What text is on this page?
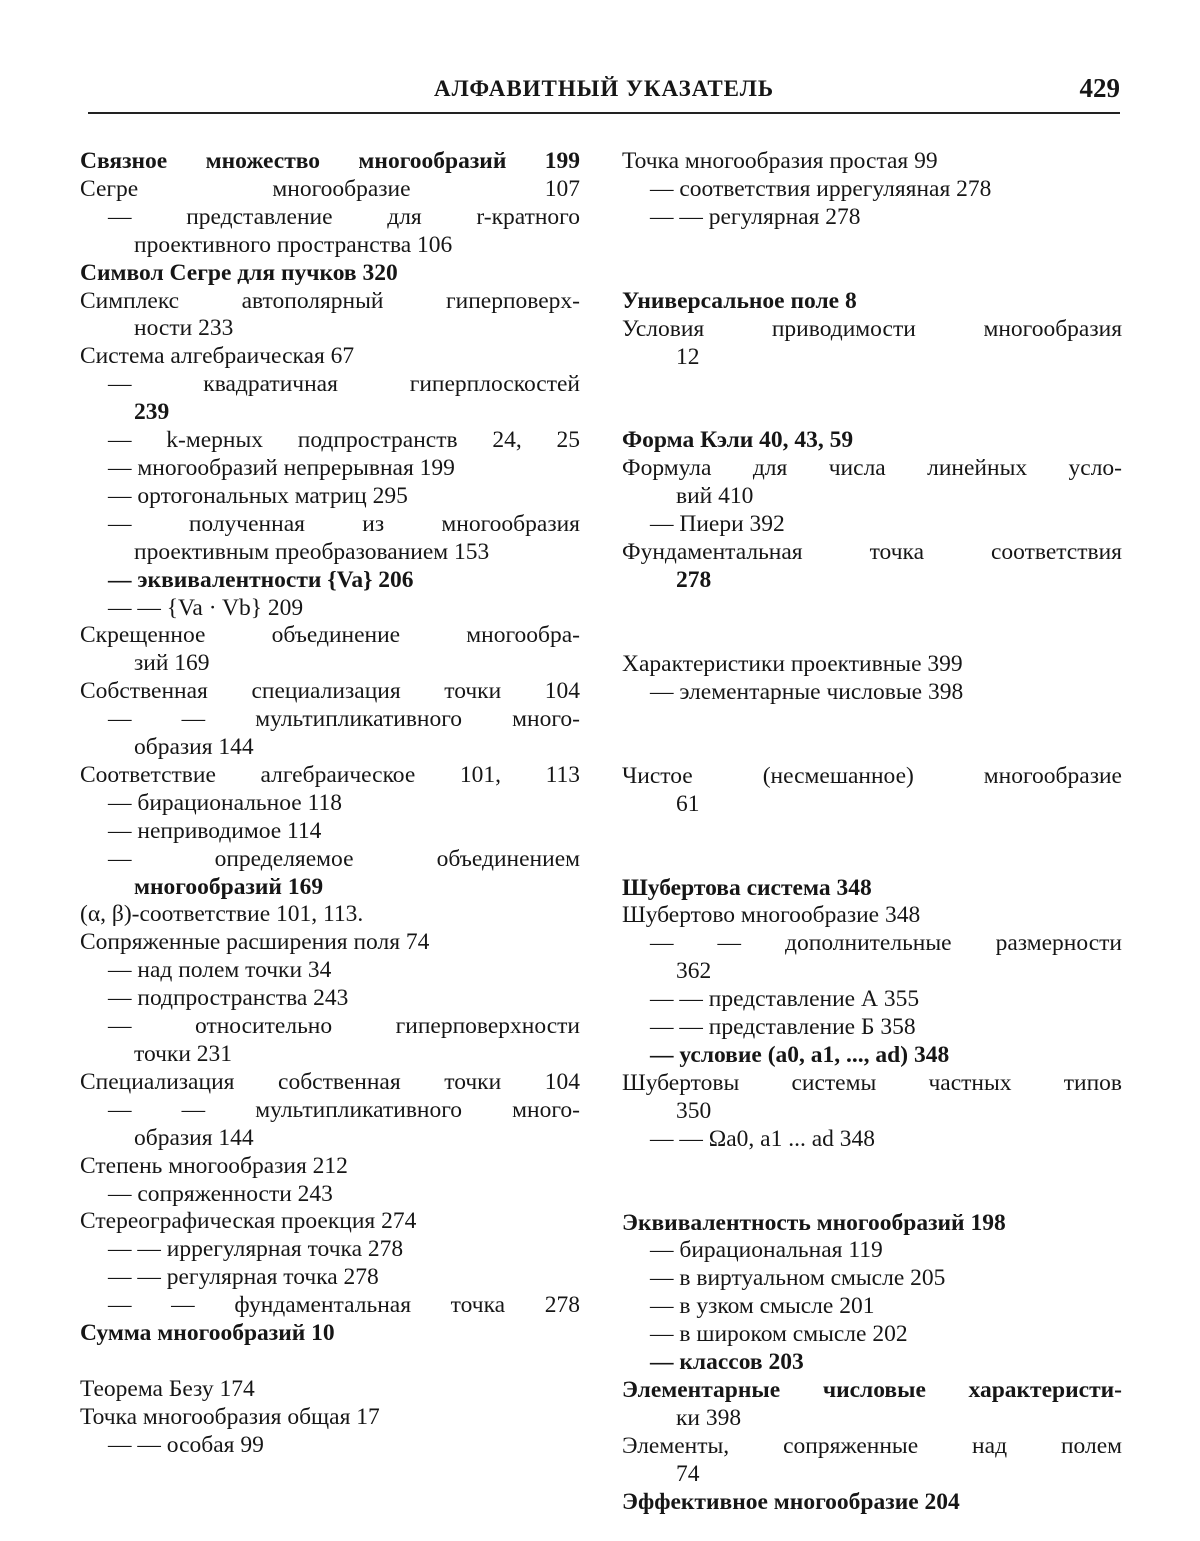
АЛФАВИТНЫЙ УКАЗАТЕЛЬ	429
Связное множество многообразий 199
Сегре многообразие 107
— представление для r-кратного
проективного пространства 106
Символ Сегре для пучков 320
Симплекс автополярный гиперповерх-
ности 233
Система алгебраическая 67
— квадратичная гиперплоскостей
239
— k-мерных подпространств 24, 25
— многообразий непрерывная 199
— ортогональных матриц 295
— полученная из многообразия
проективным преобразованием 153
— эквивалентности {Va} 206
— — {Va · Vb} 209
Скрещенное объединение многообра-
зий 169
Собственная специализация точки 104
— — мультипликативного много-
образия 144
Соответствие алгебраическое 101, 113
— бирациональное 118
— неприводимое 114
— определяемое объединением
многообразий 169
(α, β)-соответствие 101, 113.
Сопряженные расширения поля 74
— над полем точки 34
— подпространства 243
— относительно гиперповерхности
точки 231
Специализация собственная точки 104
— — мультипликативного много-
образия 144
Степень многообразия 212
— сопряженности 243
Стереографическая проекция 274
— — иррегулярная точка 278
— — регулярная точка 278
— — фундаментальная точка 278
Сумма многообразий 10
Теорема Безу 174
Точка многообразия общая 17
— — особая 99
Точка многообразия простая 99
— соответствия иррегуляяная 278
— — регулярная 278
Универсальное поле 8
Условия приводимости многообразия
12
Форма Кэли 40, 43, 59
Формула для числа линейных усло-
вий 410
— Пиери 392
Фундаментальная точка соответствия
278
Характеристики проективные 399
— элементарные числовые 398
Чистое (несмешанное) многообразие
61
Шубертова система 348
Шубертово многообразие 348
— — дополнительные размерности
362
— — представление А 355
— — представление Б 358
— условие (a0, a1, ..., ad) 348
Шубертовы системы частных типов
350
— — Ωa0, a1 ... ad 348
Эквивалентность многообразий 198
— бирациональная 119
— в виртуальном смысле 205
— в узком смысле 201
— в широком смысле 202
— классов 203
Элементарные числовые характеристи-
ки 398
Элементы, сопряженные над полем
74
Эффективное многообразие 204
